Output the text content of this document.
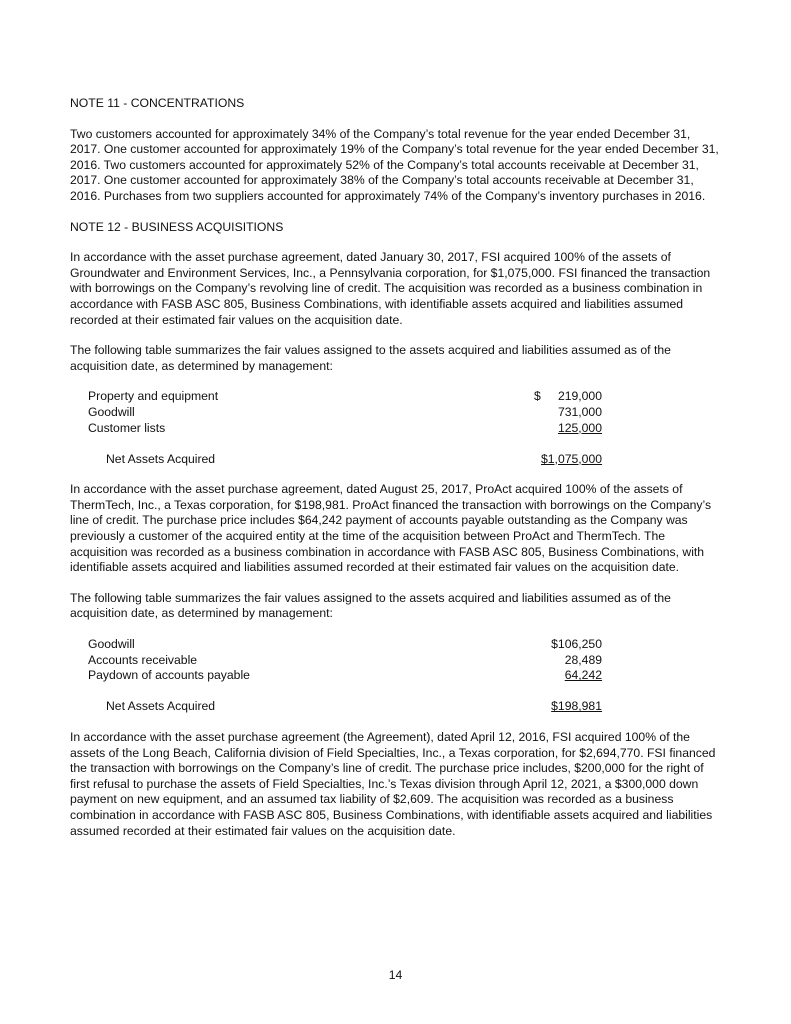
NOTE 11 - CONCENTRATIONS

Two customers accounted for approximately 34% of the Company’s total revenue for the year ended December 31, 2017. One customer accounted for approximately 19% of the Company’s total revenue for the year ended December 31, 2016. Two customers accounted for approximately 52% of the Company’s total accounts receivable at December 31, 2017. One customer accounted for approximately 38% of the Company’s total accounts receivable at December 31, 2016. Purchases from two suppliers accounted for approximately 74% of the Company’s inventory purchases in 2016.

NOTE 12 - BUSINESS ACQUISITIONS

In accordance with the asset purchase agreement, dated January 30, 2017, FSI acquired 100% of the assets of Groundwater and Environment Services, Inc., a Pennsylvania corporation, for $1,075,000. FSI financed the transaction with borrowings on the Company’s revolving line of credit. The acquisition was recorded as a business combination in accordance with FASB ASC 805, Business Combinations, with identifiable assets acquired and liabilities assumed recorded at their estimated fair values on the acquisition date.

The following table summarizes the fair values assigned to the assets acquired and liabilities assumed as of the acquisition date, as determined by management:

Property and equipment	$ 219,000

Goodwill	731,000
Customer lists	125,000

Net Assets Acquired	$1,075,000

In accordance with the asset purchase agreement, dated August 25, 2017, ProAct acquired 100% of the assets of ThermTech, Inc., a Texas corporation, for $198,981. ProAct financed the transaction with borrowings on the Company’s line of credit. The purchase price includes $64,242 payment of accounts payable outstanding as the Company was previously a customer of the acquired entity at the time of the acquisition between ProAct and ThermTech. The acquisition was recorded as a business combination in accordance with FASB ASC 805, Business Combinations, with identifiable assets acquired and liabilities assumed recorded at their estimated fair values on the acquisition date.

The following table summarizes the fair values assigned to the assets acquired and liabilities assumed as of the acquisition date, as determined by management:

Goodwill	$106,250
Accounts receivable	28,489
Paydown of accounts payable	64,242

Net Assets Acquired	$198,981

In accordance with the asset purchase agreement (the Agreement), dated April 12, 2016, FSI acquired 100% of the assets of the Long Beach, California division of Field Specialties, Inc., a Texas corporation, for $2,694,770. FSI financed the transaction with borrowings on the Company’s line of credit. The purchase price includes, $200,000 for the right of first refusal to purchase the assets of Field Specialties, Inc.’s Texas division through April 12, 2021, a $300,000 down payment on new equipment, and an assumed tax liability of $2,609. The acquisition was recorded as a business combination in accordance with FASB ASC 805, Business Combinations, with identifiable assets acquired and liabilities assumed recorded at their estimated fair values on the acquisition date.

14
